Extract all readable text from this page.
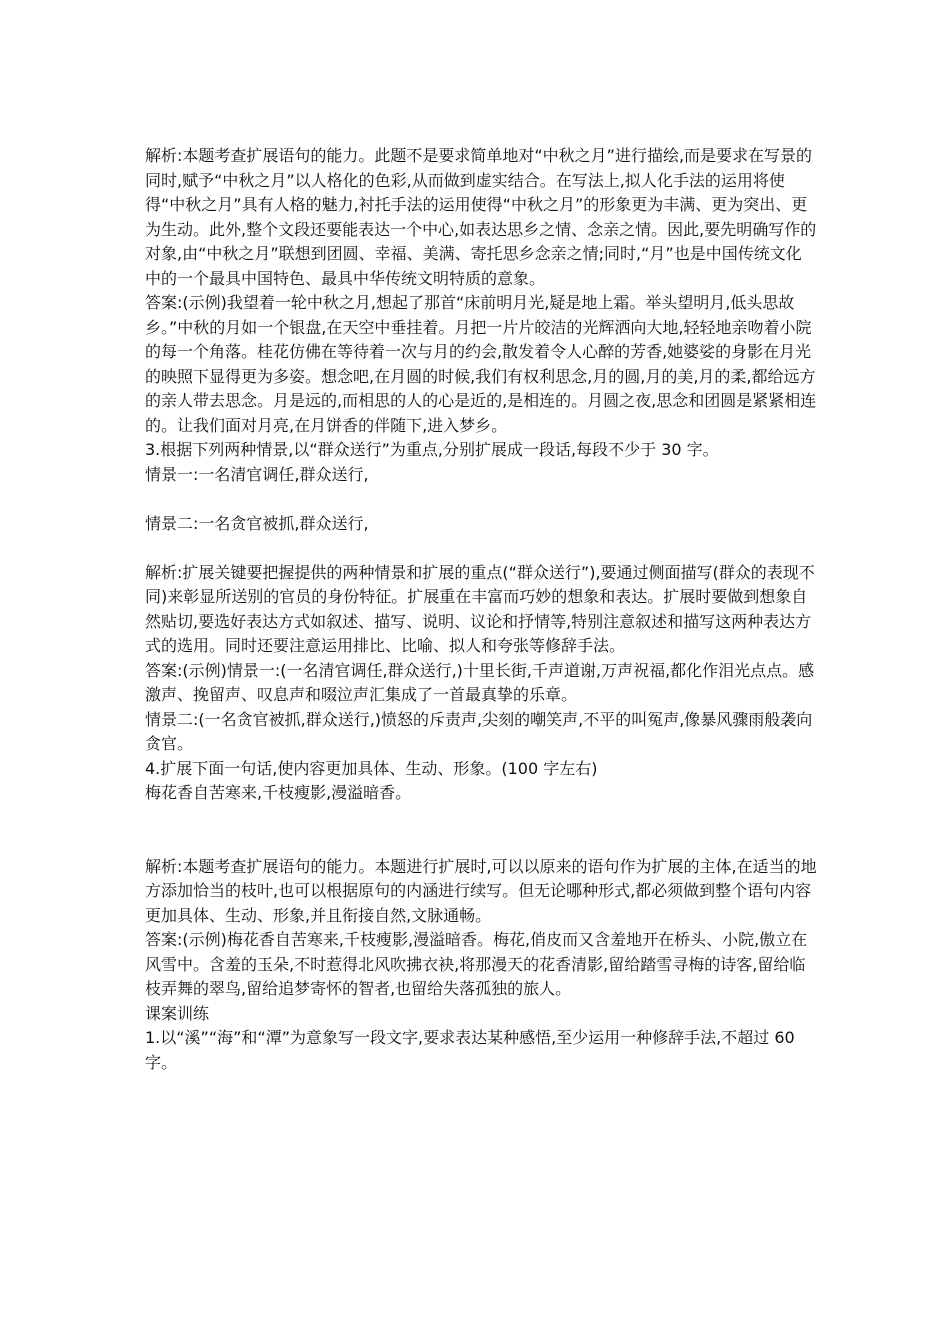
解析:本题考查扩展语句的能力。此题不是要求简单地对“中秋之月”进行描绘,而是要求在写景的同时,赋予“中秋之月”以人格化的色彩,从而做到虚实结合。在写法上,拟人化手法的运用将使得“中秋之月”具有人格的魅力,衬托手法的运用使得“中秋之月”的形象更为丰满、更为突出、更为生动。此外,整个文段还要能表达一个中心,如表达思乡之情、念亲之情。因此,要先明确写作的对象,由“中秋之月”联想到团圆、幸福、美满、寄托思乡念亲之情;同时,“月”也是中国传统文化中的一个最具中国特色、最具中华传统文明特质的意象。

答案:(示例)我望着一轮中秋之月,想起了那首“床前明月光,疑是地上霜。举头望明月,低头思故乡。”中秋的月如一个银盘,在天空中垂挂着。月把一片片皎洁的光辉洒向大地,轻轻地亲吻着小院的每一个角落。桂花仿佛在等待着一次与月的约会,散发着令人心醉的芳香,她婆娑的身影在月光的映照下显得更为多姿。想念吧,在月圆的时候,我们有权利思念,月的圆,月的美,月的柔,都给远方的亲人带去思念。月是远的,而相思的人的心是近的,是相连的。月圆之夜,思念和团圆是紧紧相连的。让我们面对月亮,在月饼香的伴随下,进入梦乡。

3.根据下列两种情景,以“群众送行”为重点,分别扩展成一段话,每段不少于 30 字。

情景一:一名清官调任,群众送行,

情景二:一名贪官被抓,群众送行,

解析:扩展关键要把握提供的两种情景和扩展的重点(“群众送行”),要通过侧面描写(群众的表现不同)来彰显所送别的官员的身份特征。扩展重在丰富而巧妙的想象和表达。扩展时要做到想象自然贴切,要选好表达方式如叙述、描写、说明、议论和抒情等,特别注意叙述和描写这两种表达方式的选用。同时还要注意运用排比、比喻、拟人和夸张等修辞手法。

答案:(示例)情景一:(一名清官调任,群众送行,)十里长街,千声道谢,万声祝福,都化作泪光点点。感激声、挽留声、叹息声和啜泣声汇集成了一首最真挚的乐章。

情景二:(一名贪官被抓,群众送行,)愤怒的斥责声,尖刻的嘲笑声,不平的叫冤声,像暴风骤雨般袭向贪官。

4.扩展下面一句话,使内容更加具体、生动、形象。(100 字左右)

梅花香自苦寒来,千枝瘦影,漫溢暗香。

解析:本题考查扩展语句的能力。本题进行扩展时,可以以原来的语句作为扩展的主体,在适当的地方添加恰当的枝叶,也可以根据原句的内涵进行续写。但无论哪种形式,都必须做到整个语句内容更加具体、生动、形象,并且衔接自然,文脉通畅。

答案:(示例)梅花香自苦寒来,千枝瘦影,漫溢暗香。梅花,俏皮而又含羞地开在桥头、小院,傲立在风雪中。含羞的玉朵,不时惹得北风吹拂衣袂,将那漫天的花香清影,留给踏雪寻梅的诗客,留给临枝弄舞的翠鸟,留给追梦寄怀的智者,也留给失落孤独的旅人。

课案训练

1.以“溪”“海”和“潭”为意象写一段文字,要求表达某种感悟,至少运用一种修辞手法,不超过 60 字。
